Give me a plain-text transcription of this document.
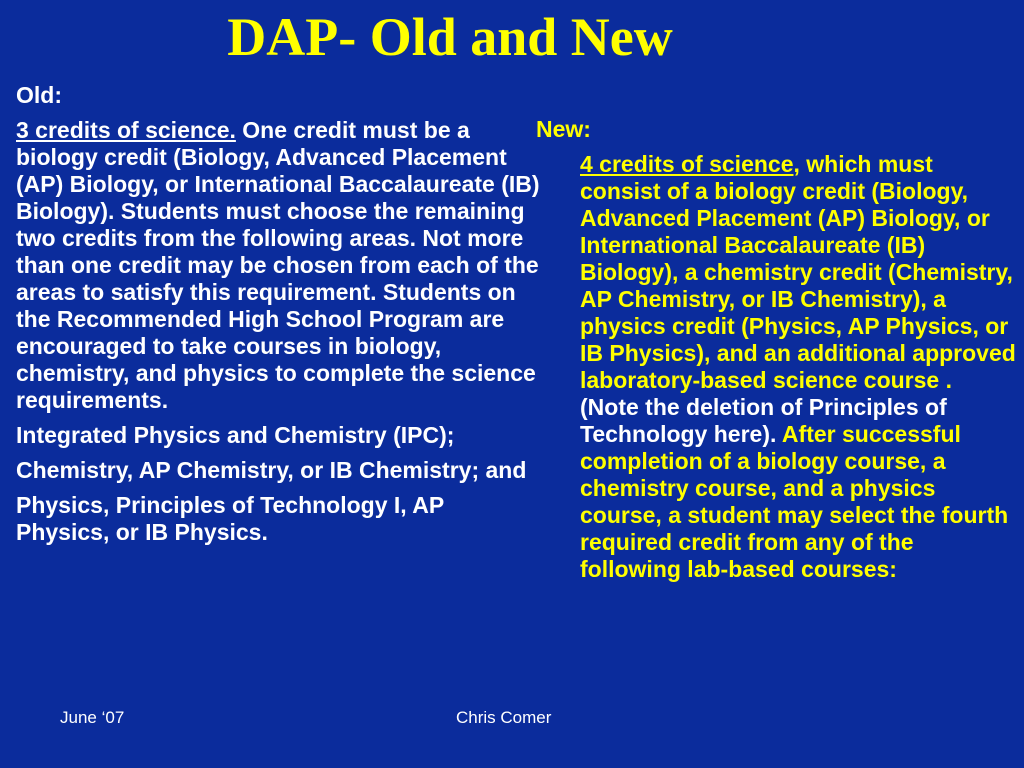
DAP- Old and New
Old:
3 credits of science. One credit must be a biology credit (Biology, Advanced Placement (AP) Biology, or International Baccalaureate (IB) Biology). Students must choose the remaining two credits from the following areas. Not more than one credit may be chosen from each of the areas to satisfy this requirement. Students on the Recommended High School Program are encouraged to take courses in biology, chemistry, and physics to complete the science requirements.
Integrated Physics and Chemistry (IPC);
Chemistry, AP Chemistry, or IB Chemistry; and
Physics, Principles of Technology I, AP Physics, or IB Physics.
New:
4 credits of science, which must consist of a biology credit (Biology, Advanced Placement (AP) Biology, or International Baccalaureate (IB) Biology), a chemistry credit (Chemistry, AP Chemistry, or IB Chemistry), a physics credit (Physics, AP Physics, or IB Physics), and an additional approved laboratory-based science course . (Note the deletion of Principles of Technology here). After successful completion of a biology course, a chemistry course, and a physics course, a student may select the fourth required credit from any of the following lab-based courses:
June ‘07	Chris Comer
